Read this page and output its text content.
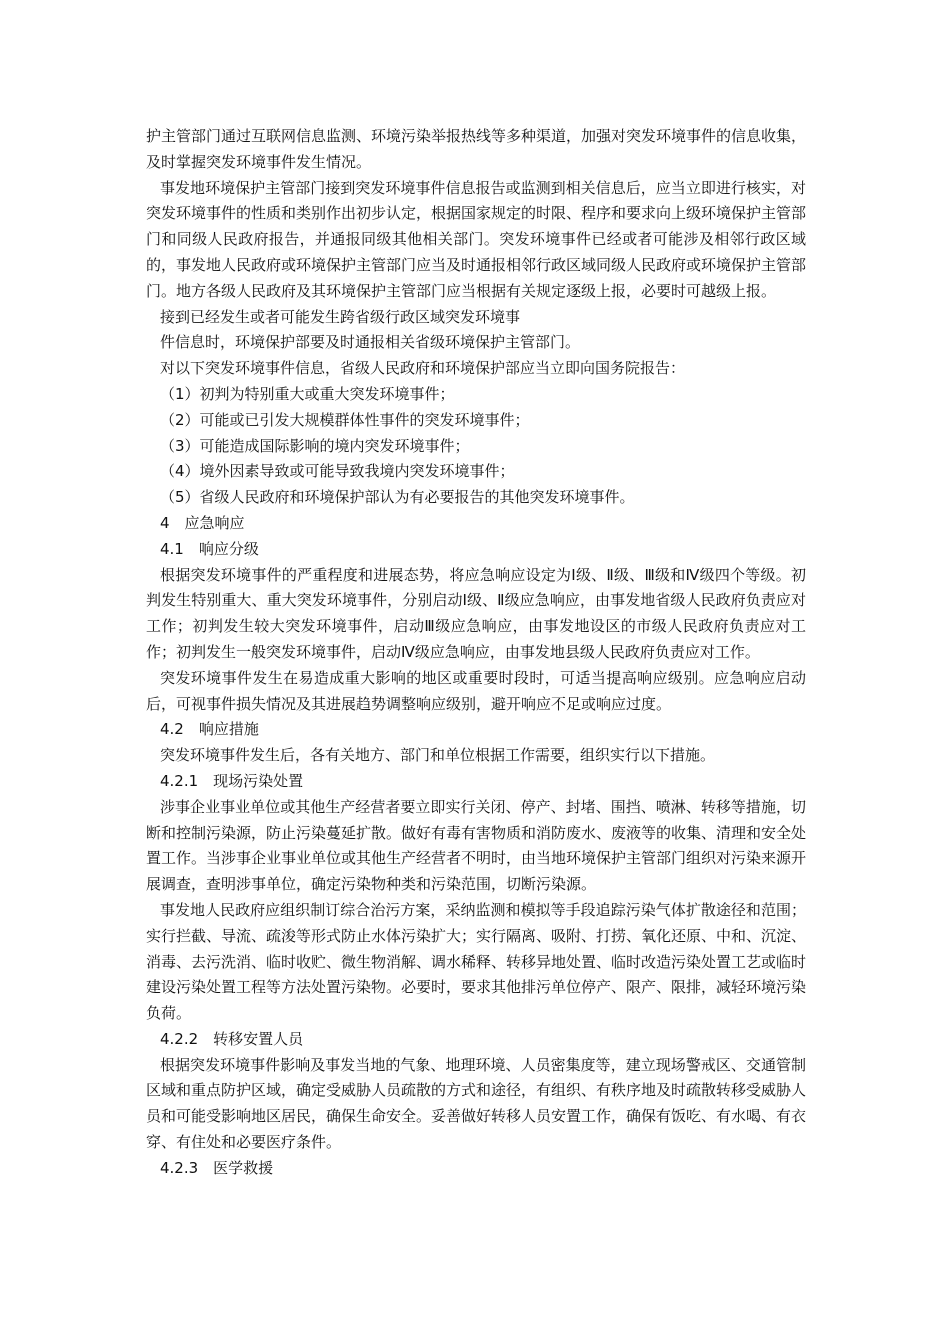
护主管部门通过互联网信息监测、环境污染举报热线等多种渠道，加强对突发环境事件的信息收集，及时掌握突发环境事件发生情况。

事发地环境保护主管部门接到突发环境事件信息报告或监测到相关信息后，应当立即进行核实，对突发环境事件的性质和类别作出初步认定，根据国家规定的时限、程序和要求向上级环境保护主管部门和同级人民政府报告，并通报同级其他相关部门。突发环境事件已经或者可能涉及相邻行政区域的，事发地人民政府或环境保护主管部门应当及时通报相邻行政区域同级人民政府或环境保护主管部门。地方各级人民政府及其环境保护主管部门应当根据有关规定逐级上报，必要时可越级上报。

接到已经发生或者可能发生跨省级行政区域突发环境事

件信息时，环境保护部要及时通报相关省级环境保护主管部门。

对以下突发环境事件信息，省级人民政府和环境保护部应当立即向国务院报告：

（1）初判为特别重大或重大突发环境事件；

（2）可能或已引发大规模群体性事件的突发环境事件；

（3）可能造成国际影响的境内突发环境事件；

（4）境外因素导致或可能导致我境内突发环境事件；

（5）省级人民政府和环境保护部认为有必要报告的其他突发环境事件。

4　应急响应

4.1　响应分级

根据突发环境事件的严重程度和进展态势，将应急响应设定为Ⅰ级、Ⅱ级、Ⅲ级和Ⅳ级四个等级。初判发生特别重大、重大突发环境事件，分别启动Ⅰ级、Ⅱ级应急响应，由事发地省级人民政府负责应对工作；初判发生较大突发环境事件，启动Ⅲ级应急响应，由事发地设区的市级人民政府负责应对工作；初判发生一般突发环境事件，启动Ⅳ级应急响应，由事发地县级人民政府负责应对工作。

突发环境事件发生在易造成重大影响的地区或重要时段时，可适当提高响应级别。应急响应启动后，可视事件损失情况及其进展趋势调整响应级别，避开响应不足或响应过度。

4.2　响应措施

突发环境事件发生后，各有关地方、部门和单位根据工作需要，组织实行以下措施。

4.2.1　现场污染处置

涉事企业事业单位或其他生产经营者要立即实行关闭、停产、封堵、围挡、喷淋、转移等措施，切断和控制污染源，防止污染蔓延扩散。做好有毒有害物质和消防废水、废液等的收集、清理和安全处置工作。当涉事企业事业单位或其他生产经营者不明时，由当地环境保护主管部门组织对污染来源开展调查，查明涉事单位，确定污染物种类和污染范围，切断污染源。

事发地人民政府应组织制订综合治污方案，采纳监测和模拟等手段追踪污染气体扩散途径和范围；实行拦截、导流、疏浚等形式防止水体污染扩大；实行隔离、吸附、打捞、氧化还原、中和、沉淀、消毒、去污洗消、临时收贮、微生物消解、调水稀释、转移异地处置、临时改造污染处置工艺或临时建设污染处置工程等方法处置污染物。必要时，要求其他排污单位停产、限产、限排，减轻环境污染负荷。

4.2.2　转移安置人员

根据突发环境事件影响及事发当地的气象、地理环境、人员密集度等，建立现场警戒区、交通管制区域和重点防护区域，确定受威胁人员疏散的方式和途径，有组织、有秩序地及时疏散转移受威胁人员和可能受影响地区居民，确保生命安全。妥善做好转移人员安置工作，确保有饭吃、有水喝、有衣穿、有住处和必要医疗条件。

4.2.3　医学救援
